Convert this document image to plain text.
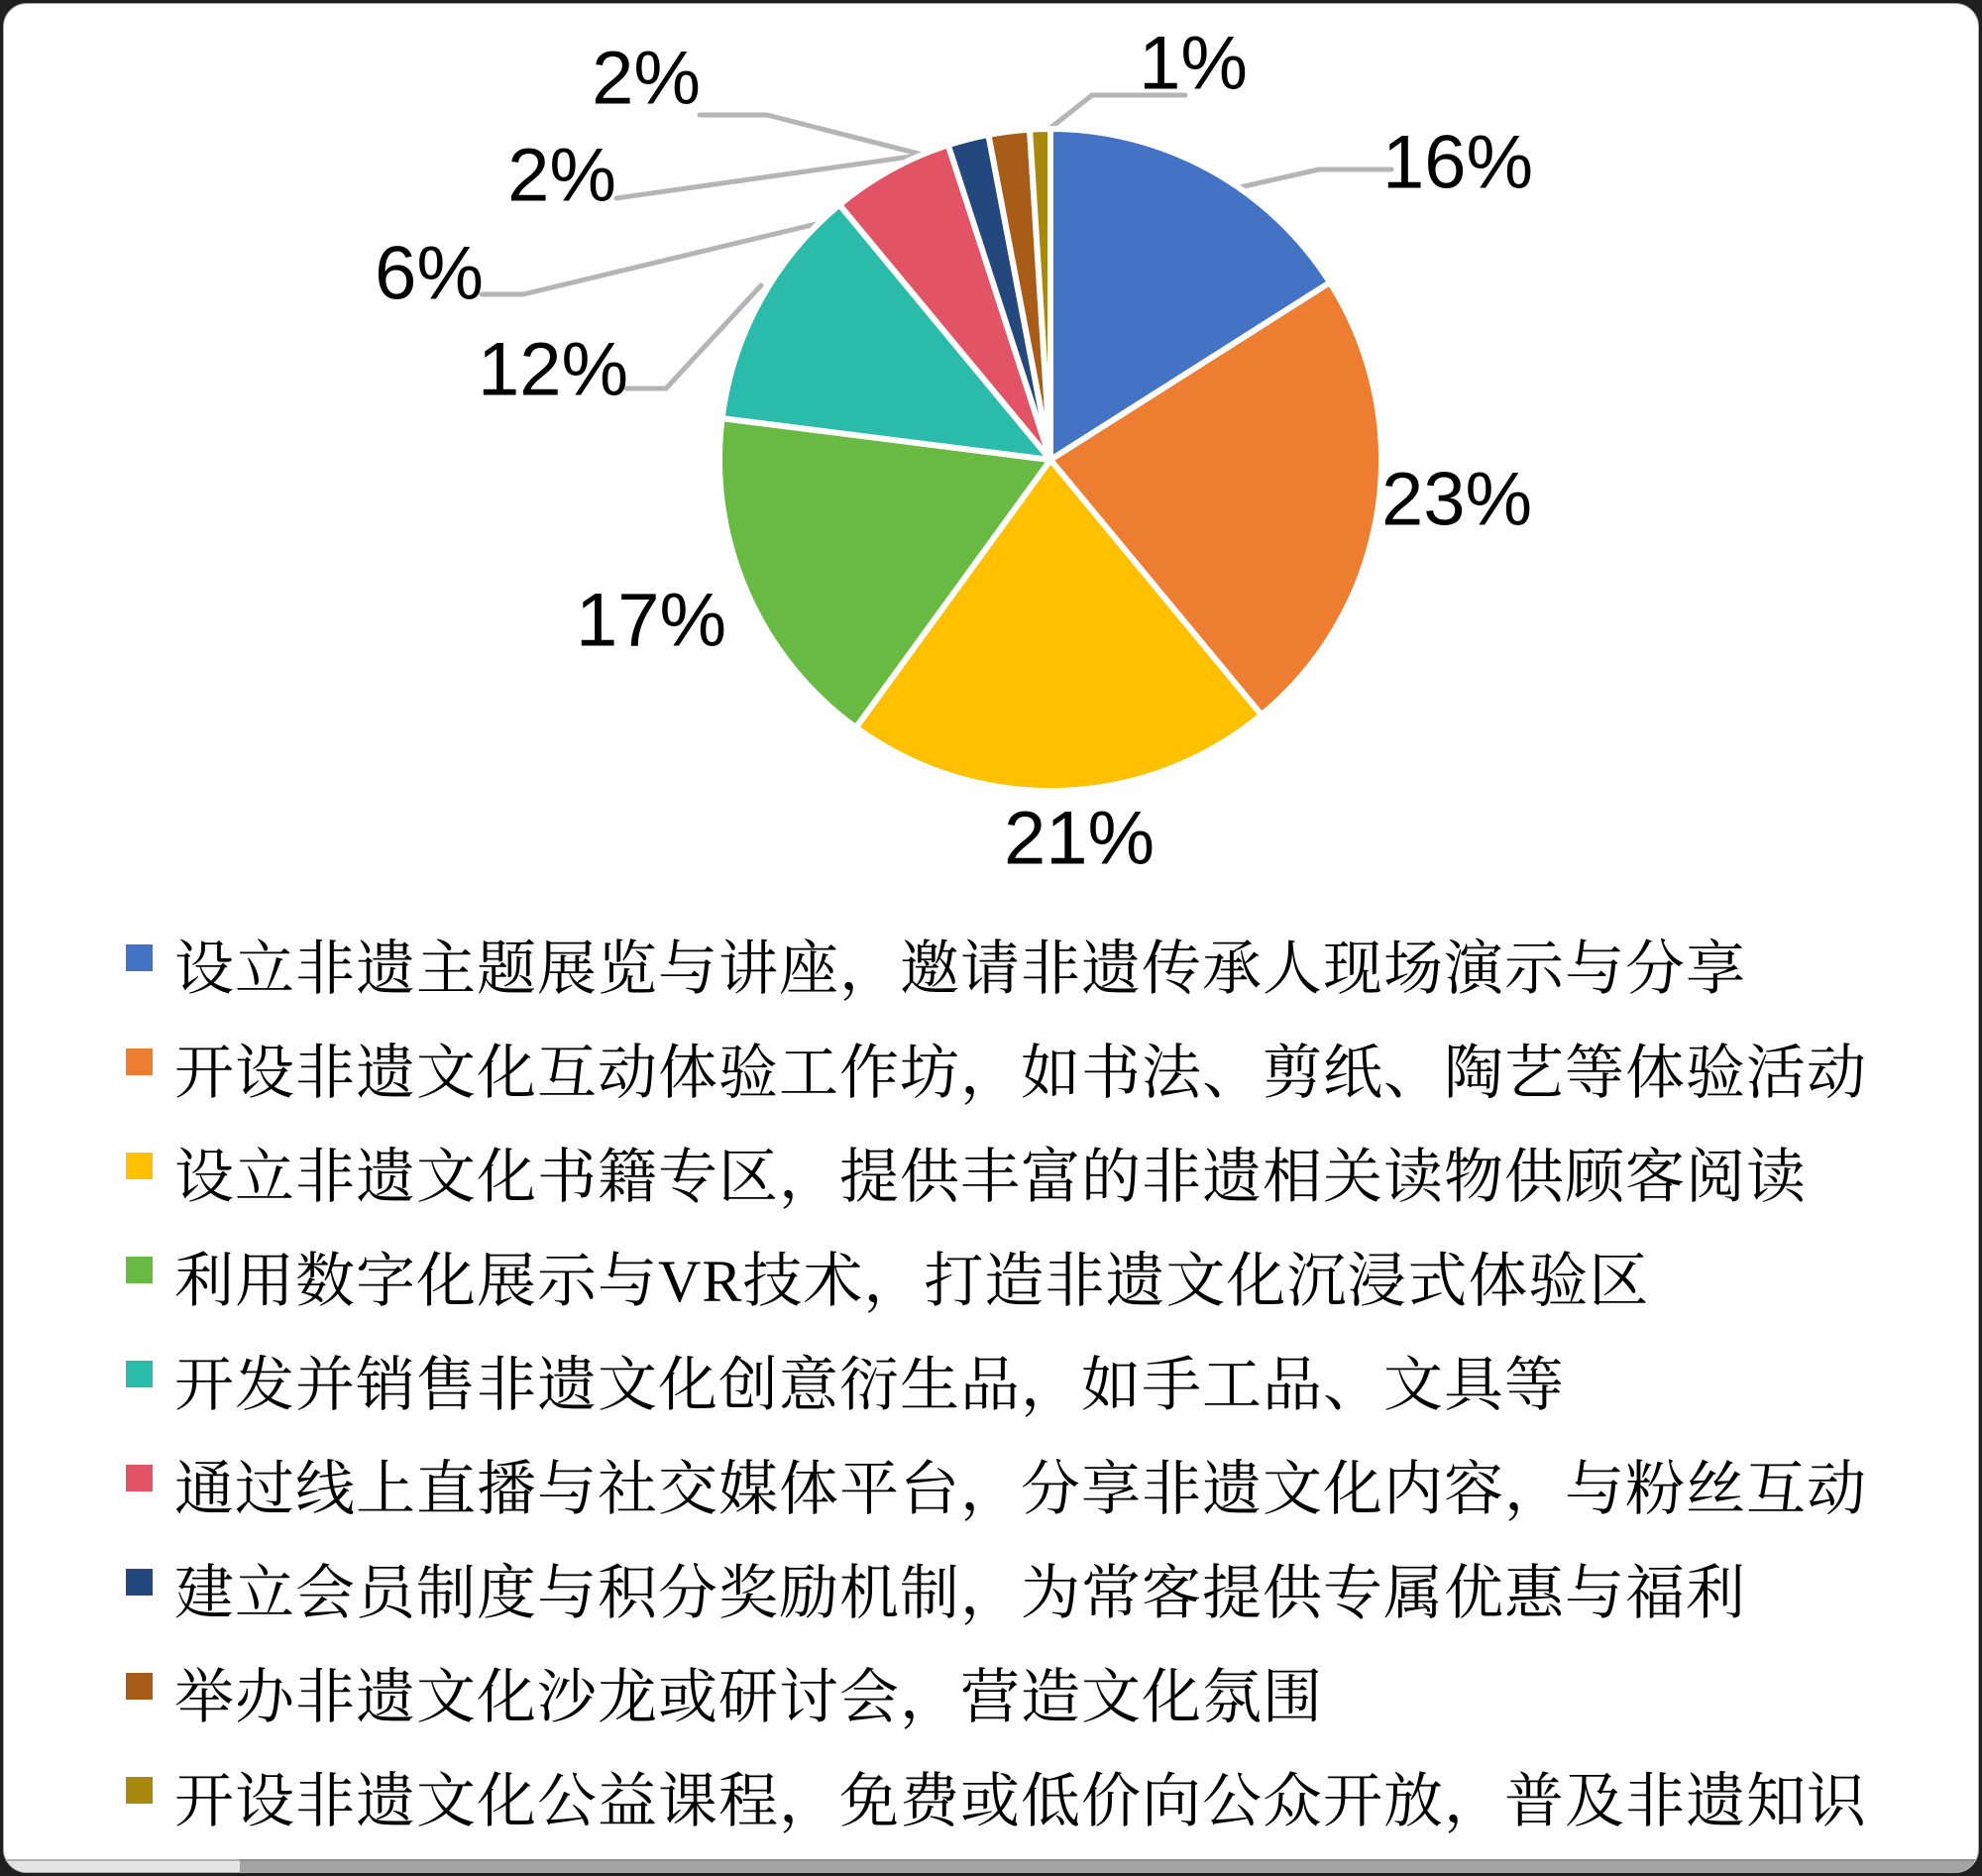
16%
23%
21%
17%
12%
6%
2%
2%
1%
设立非遗主题展览与讲座，邀请非遗传承人现场演示与分享
开设非遗文化互动体验工作坊，如书法、剪纸、陶艺等体验活动
设立非遗文化书籍专区，提供丰富的非遗相关读物供顾客阅读
利用数字化展示与VR技术，打造非遗文化沉浸式体验区
开发并销售非遗文化创意衍生品，如手工品、文具等
通过线上直播与社交媒体平台，分享非遗文化内容，与粉丝互动
建立会员制度与积分奖励机制，为常客提供专属优惠与福利
举办非遗文化沙龙或研讨会，营造文化氛围
开设非遗文化公益课程，免费或低价向公众开放，普及非遗知识
